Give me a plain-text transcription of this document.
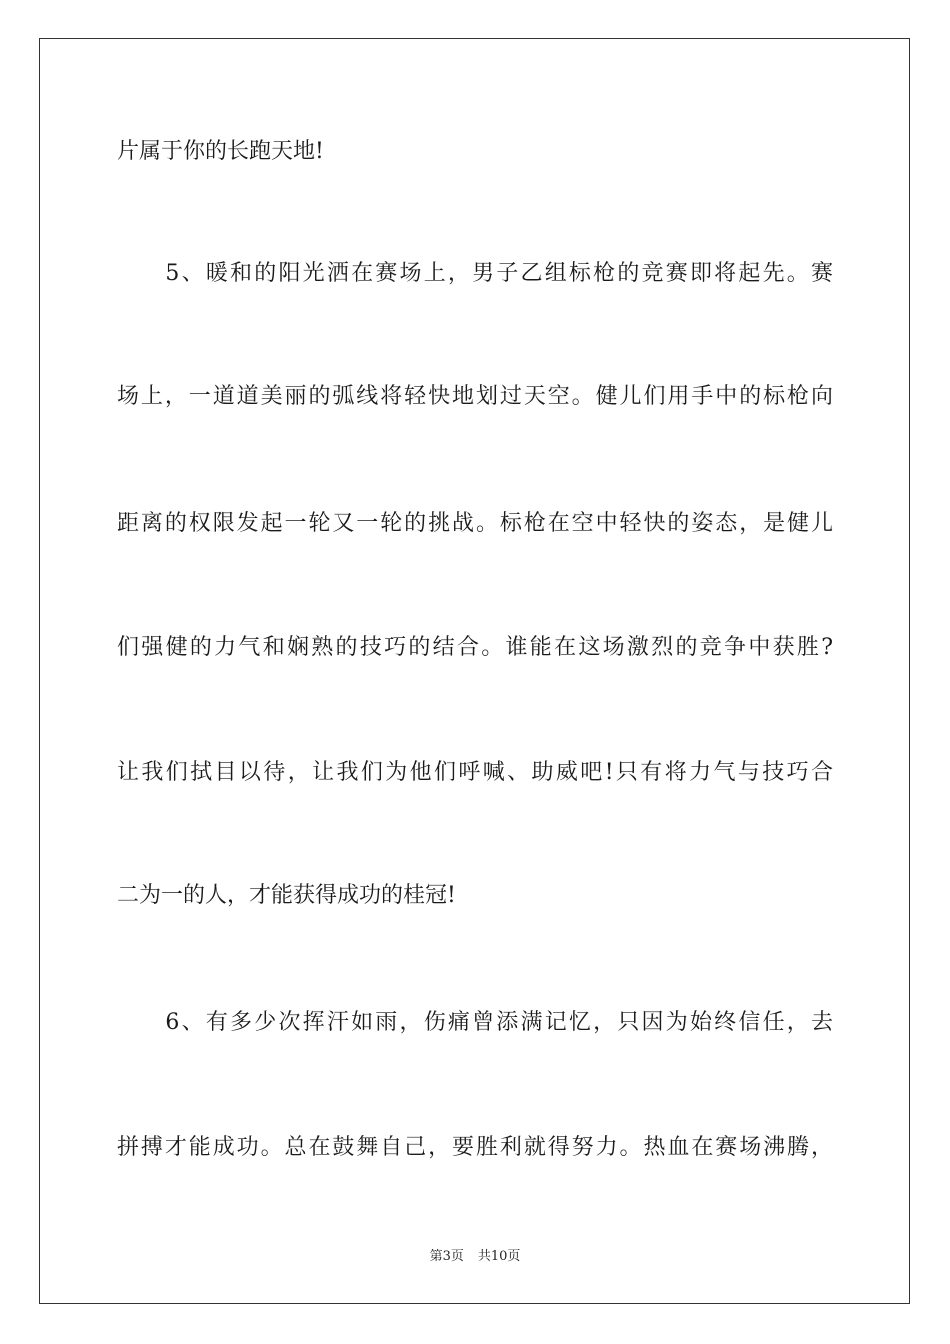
片属于你的长跑天地!
　　5、暖和的阳光洒在赛场上，男子乙组标枪的竞赛即将起先。赛
场上，一道道美丽的弧线将轻快地划过天空。健儿们用手中的标枪向
距离的权限发起一轮又一轮的挑战。标枪在空中轻快的姿态，是健儿
们强健的力气和娴熟的技巧的结合。谁能在这场激烈的竞争中获胜?
让我们拭目以待，让我们为他们呼喊、助威吧!只有将力气与技巧合
二为一的人，才能获得成功的桂冠!
　　6、有多少次挥汗如雨，伤痛曾添满记忆，只因为始终信任，去
拼搏才能成功。总在鼓舞自己，要胜利就得努力。热血在赛场沸腾，
第3页 共10页
